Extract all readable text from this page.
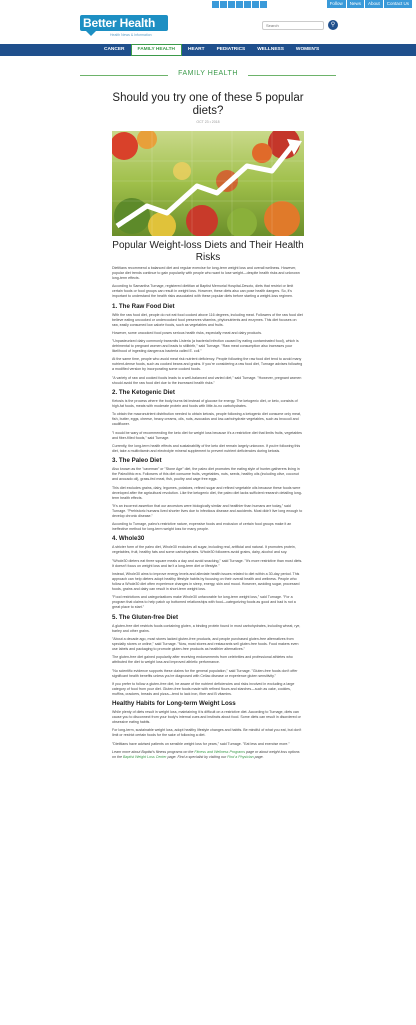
Follow	News	About	Contact Us
Better Health
Health News & Information
Search
⚲
CANCER	FAMILY HEALTH	HEART	PEDIATRICS	WELLNESS	WOMEN'S
FAMILY HEALTH
Should you try one of these 5 popular diets?
OCT 23 • 2018
Popular Weight-loss Diets and Their Health Risks

Dietitians recommend a balanced diet and regular exercise for long-term weight loss and overall wellness. However, popular diet trends continue to gain popularity with people who want to lose weight—despite health risks and unknown long-term effects.

According to Samantha Turnage, registered dietitian at Baptist Memorial Hospital-Desoto, diets that restrict or limit certain foods or food groups can result in weight loss. However, these diets also can pose health dangers. So, it's important to understand the health risks associated with these popular diets before starting a weight-loss regimen.

1. The Raw Food Diet

With the raw food diet, people do not eat food cooked above 116 degrees, including meat. Followers of the raw food diet believe eating uncooked or undercooked food preserves vitamins, phytonutrients and enzymes. This diet focuses on raw, easily consumed low calorie foods, such as vegetables and fruits.

However, some uncooked food poses serious health risks, especially meat and dairy products.

"Unpasteurized dairy commonly transmits Listeria (a bacterial infection caused by eating contaminated food), which is detrimental to pregnant women and leads to stillbirth," said Turnage. "Raw meat consumption also increases your likelihood of ingesting dangerous bacteria called E. coli."

At the same time, people who avoid meat risk nutrient deficiency. People following the raw food diet tend to avoid many nutrient-dense foods, such as cooked beans and grains. If you're considering a raw food diet, Turnage advises following a modified version by incorporating some cooked foods.

"A variety of raw and cooked foods leads to a well-balanced and varied diet," said Turnage. "However, pregnant women should avoid the raw food diet due to the increased health risks."

2. The Ketogenic Diet

Ketosis is the process where the body burns fat instead of glucose for energy. The ketogenic diet, or keto, consists of high-fat foods, meats with moderate protein and foods with little-to-no carbohydrates.

To obtain the macronutrient distribution needed to obtain ketosis, people following a ketogenic diet consume only meat, fish, butter, eggs, cheese, heavy creams, oils, nuts, avocados and low-carbohydrate vegetables, such as broccoli and cauliflower.

"I would be wary of recommending the keto diet for weight loss because it's a restrictive diet that limits fruits, vegetables and fiber-filled foods," said Turnage.

Currently, the long-term health effects and sustainability of the keto diet remain largely unknown. If you're following this diet, take a multivitamin and electrolyte mineral supplement to prevent nutrient deficiencies during ketosis.

3. The Paleo Diet

Also known as the "caveman" or "Stone Age" diet, the paleo diet promotes the eating style of hunter-gatherers living in the Paleolithic era. Followers of this diet consume fruits, vegetables, nuts, seeds, healthy oils (including olive, coconut and avocado oil), grass-fed meat, fish, poultry and cage free eggs.

This diet excludes grains, dairy, legumes, potatoes, refined sugar and refined vegetable oils because these foods were developed after the agricultural revolution. Like the ketogenic diet, the paleo diet lacks sufficient research detailing long-term health effects.

"It's an incorrect assertion that our ancestors were biologically similar and healthier than humans are today," said Turnage. "Prehistoric humans lived shorter lives due to infectious disease and accidents. Most didn't live long enough to develop chronic disease."

According to Turnage, paleo's restrictive nature, expensive foods and exclusion of certain food groups make it an ineffective method for long-term weight loss for many people.

4. Whole30

A stricter form of the paleo diet, Whole30 excludes all sugar, including real, artificial and natural. It promotes protein, vegetables, fruit, healthy fats and some carbohydrates. Whole30 followers avoid grains, dairy, alcohol and soy.

"Whole30 dieters eat three square meals a day and avoid snacking," said Turnage. "It's more restrictive than most diets. It doesn't focus on weight loss and isn't a long-term diet or lifestyle."

Instead, Whole30 aims to improve energy levels and alleviate health issues related to diet within a 30-day period. This approach can help dieters adopt healthy lifestyle habits by focusing on their overall health and wellness. People who follow a Whole30 diet often experience changes in sleep, energy, skin and mood. However, avoiding sugar, processed foods, grains and dairy can result in short-term weight loss.

"Food restrictions and categorizations make Whole30 unfavorable for long-term weight loss," said Turnage. "For a program that claims to help patch up bottomed relationships with food—categorizing foods as good and bad is not a great place to start."

5. The Gluten-free Diet

A gluten-free diet restricts foods containing gluten, a binding protein found in most carbohydrates, including wheat, rye, barley and other grains.

"About a decade ago, most stores lacked gluten-free products, and people purchased gluten-free alternatives from specialty stores or online," said Turnage. "Now, most stores and restaurants sell gluten-free foods. Food makers even use labels and packaging to promote gluten-free products as healthier alternatives."

The gluten-free diet gained popularity after receiving endorsements from celebrities and professional athletes who attributed the diet to weight loss and improved athletic performance.

"No scientific evidence supports these claims for the general population," said Turnage. "Gluten-free foods don't offer significant health benefits unless you're diagnosed with Celiac disease or experience gluten sensitivity."

If you prefer to follow a gluten-free diet, be aware of the nutrient deficiencies and risks involved in excluding a large category of food from your diet. Gluten-free foods made with refined flours and starches—such as cake, cookies, muffins, crackers, breads and pizza—tend to lack iron, fiber and B vitamins.

Healthy Habits for Long-term Weight Loss

While plenty of diets result in weight loss, maintaining it is difficult on a restrictive diet. According to Turnage, diets can cause you to disconnect from your body's internal cues and instincts about food. Some diets can result in disordered or obsessive eating habits.

For long-term, sustainable weight loss, adopt healthy lifestyle changes and habits. Be mindful of what you eat, but don't limit or restrict certain foods for the sake of following a diet.

"Dietitians have advised patients on sensible weight loss for years," said Turnage. "Eat less and exercise more."

Learn more about Baptist's fitness programs on the Fitness and Wellness Programs page or about weight loss options on the Baptist Weight Loss Center page. Find a specialist by visiting our Find a Physician page.
